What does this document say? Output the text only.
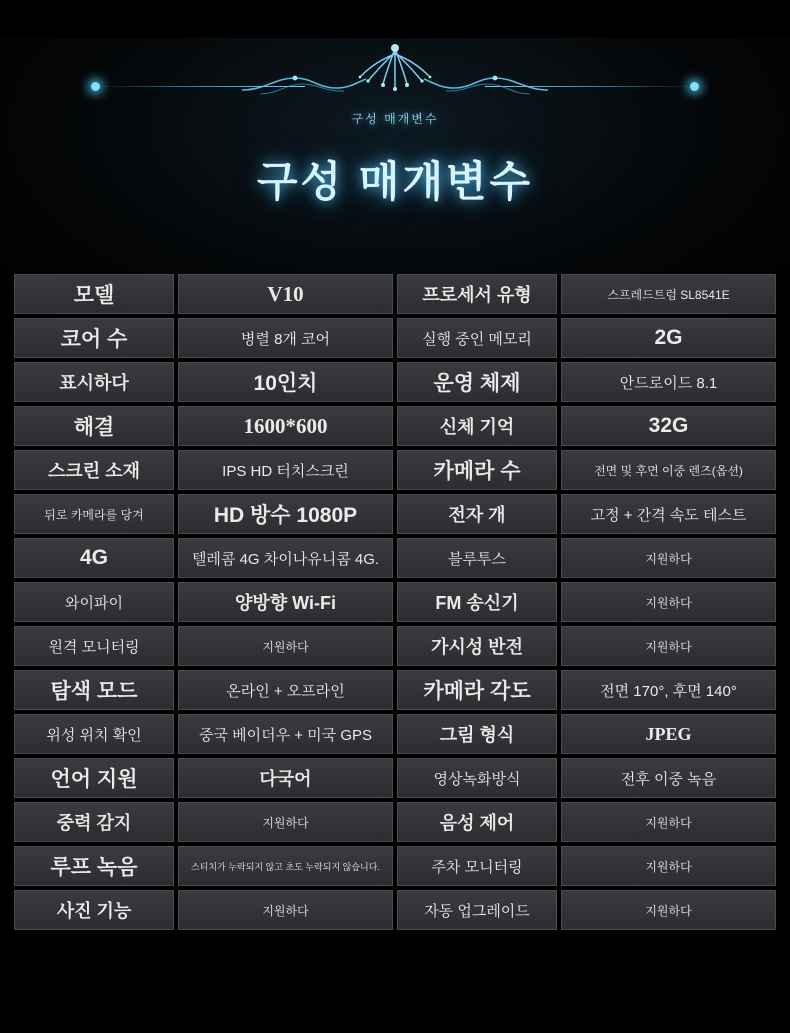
구성 매개변수
구성 매개변수
모델	V10	프로세서 유형	스프레드트럼 SL8541E
코어 수	병렬 8개 코어	실행 중인 메모리	2G
표시하다	10인치	운영 체제	안드로이드 8.1
해결	1600*600	신체 기억	32G
스크린 소재	IPS HD 터치스크린	카메라 수	전면 및 후면 이중 렌즈(옵션)
뒤로 카메라를 당겨	HD 방수 1080P	전자 개	고정 + 간격 속도 테스트
4G	텔레콤 4G 차이나유니콤 4G.	블루투스	지원하다
와이파이	양방향 Wi-Fi	FM 송신기	지원하다
원격 모니터링	지원하다	가시성 반전	지원하다
탐색 모드	온라인 + 오프라인	카메라 각도	전면 170°, 후면 140°
위성 위치 확인	중국 베이더우 + 미국 GPS	그림 형식	JPEG
언어 지원	다국어	영상녹화방식	전후 이중 녹음
중력 감지	지원하다	음성 제어	지원하다
루프 녹음	스티치가 누락되지 않고 초도 누락되지 않습니다.	주차 모니터링	지원하다
사진 기능	지원하다	자동 업그레이드	지원하다
